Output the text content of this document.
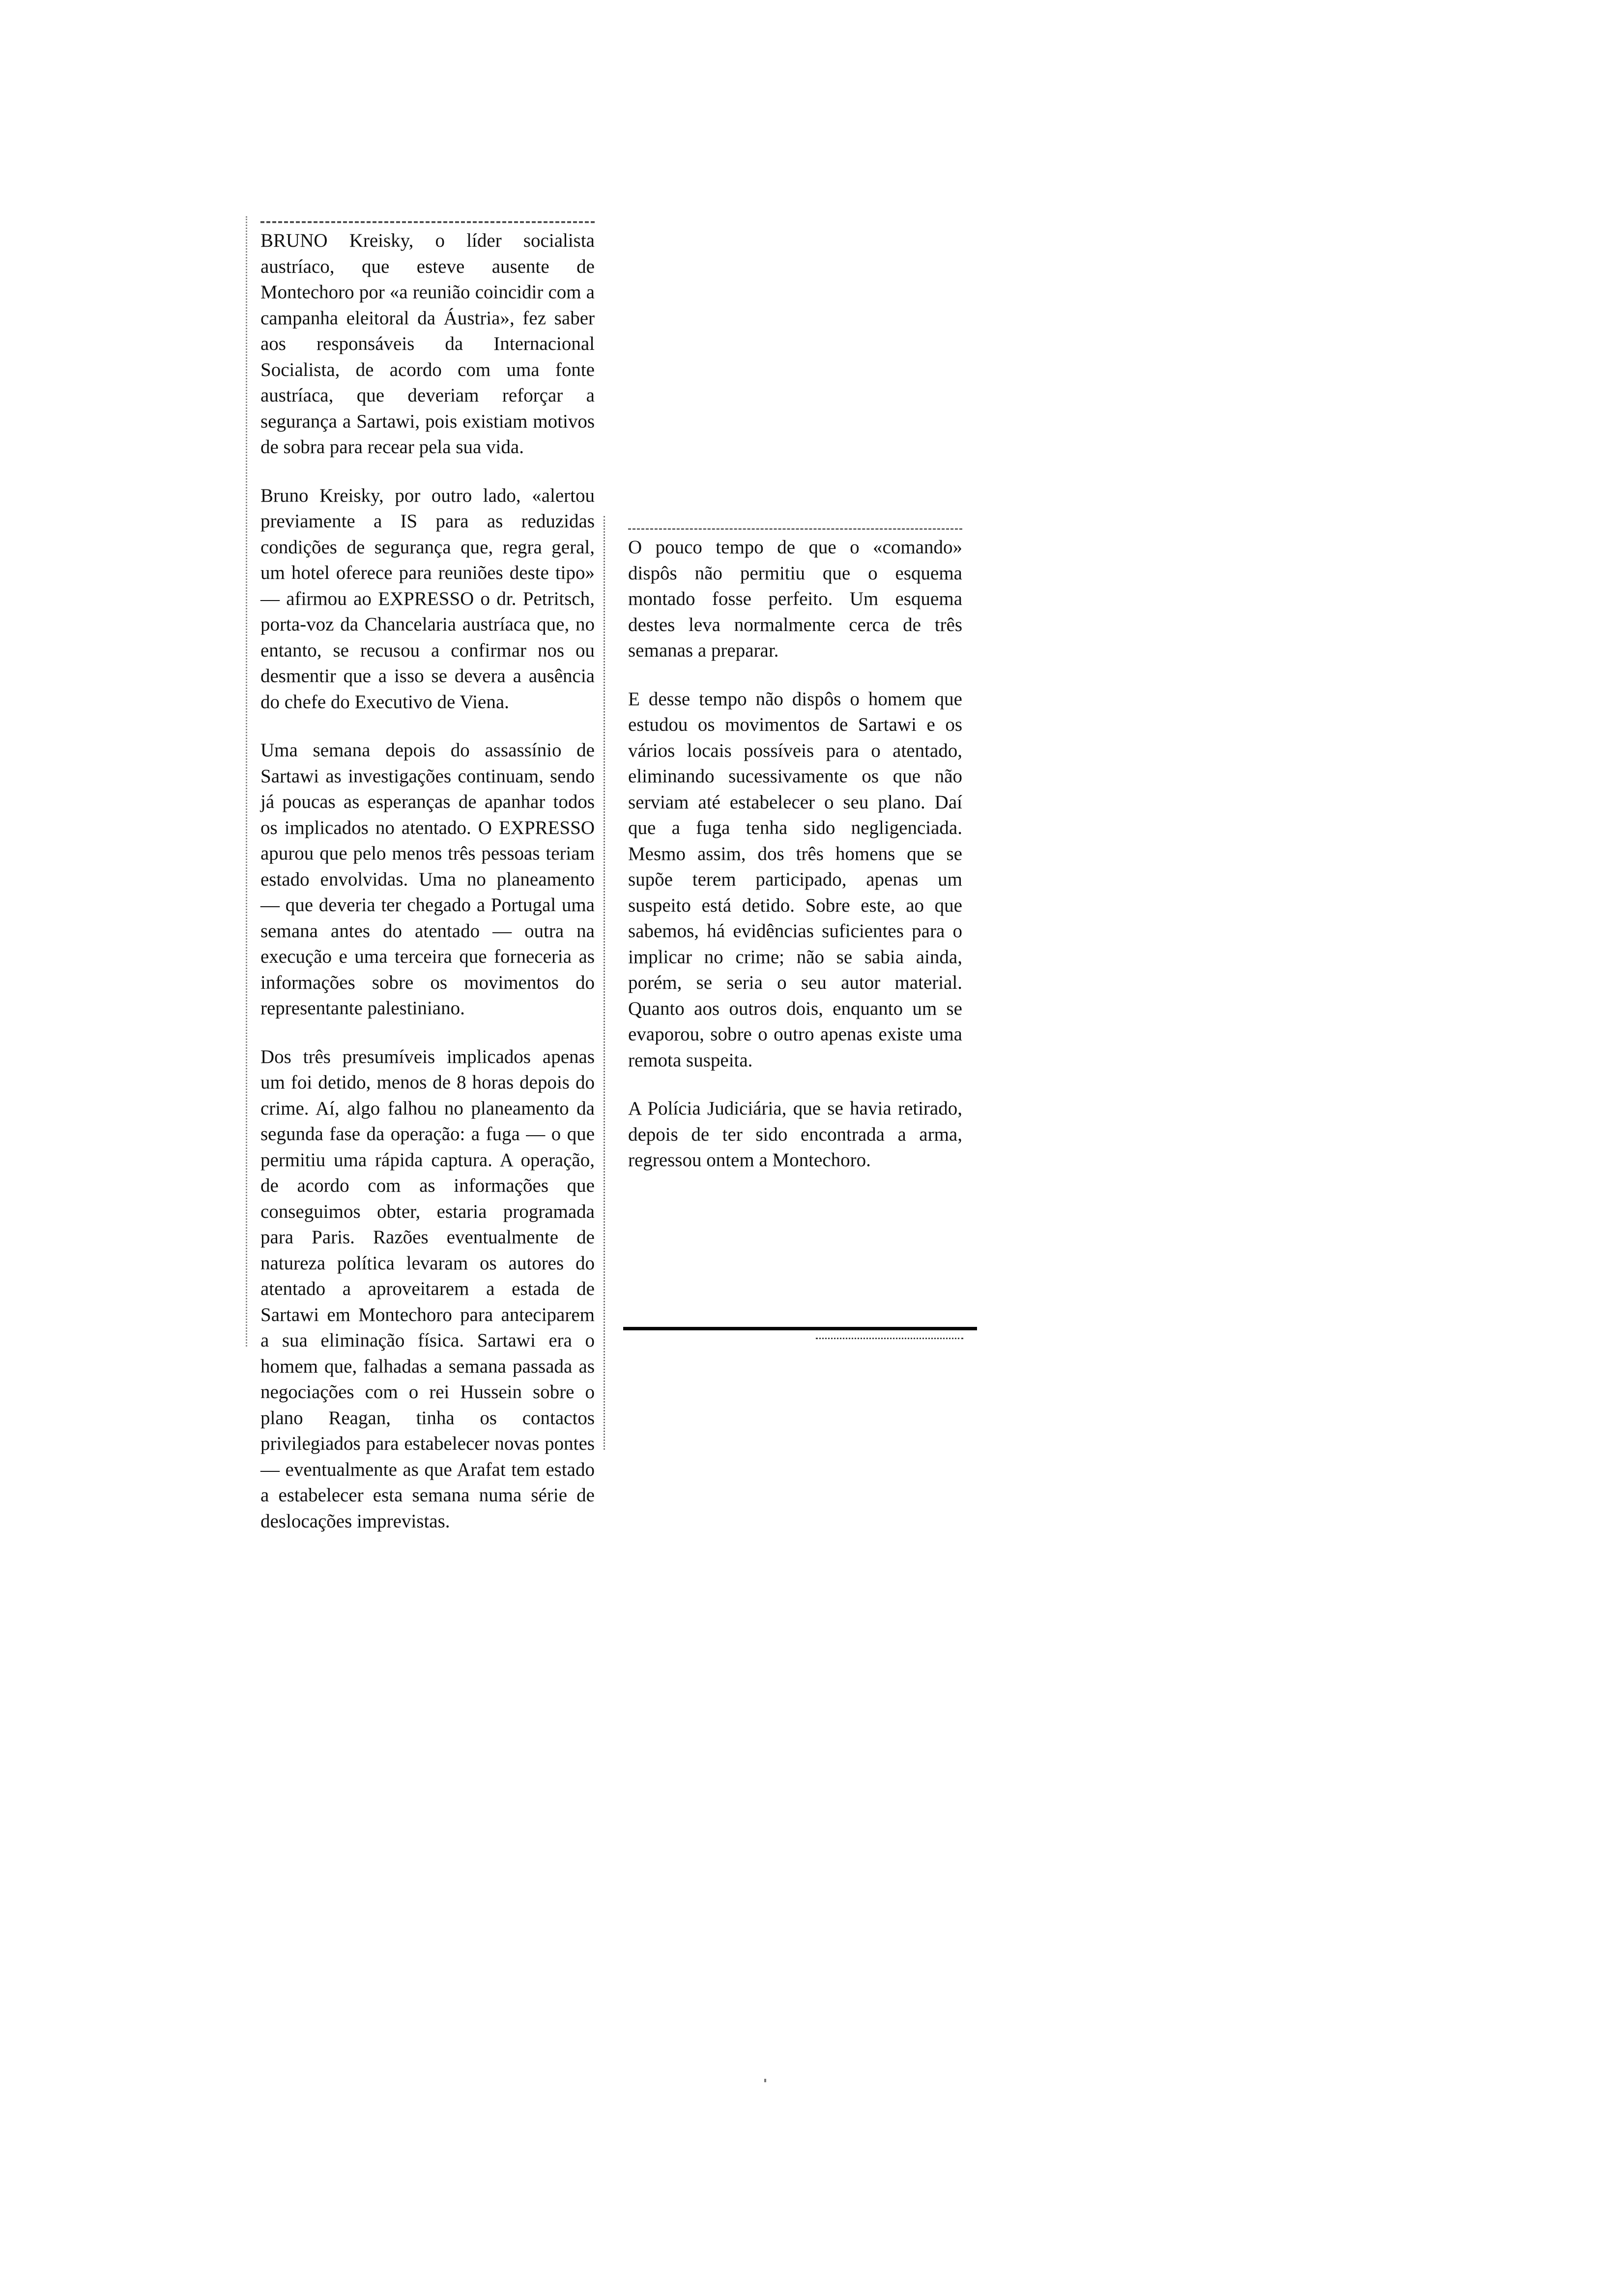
BRUNO Kreisky, o líder socialista austríaco, que esteve ausente de Montechoro por «a reunião coincidir com a campanha eleitoral da Áustria», fez saber aos responsáveis da Internacional Socialista, de acordo com uma fonte austríaca, que deveriam reforçar a segurança a Sartawi, pois existiam motivos de sobra para recear pela sua vida.

Bruno Kreisky, por outro lado, «alertou previamente a IS para as reduzidas condições de segurança que, regra geral, um hotel oferece para reuniões deste tipo» — afirmou ao EXPRESSO o dr. Petritsch, porta-voz da Chancelaria austríaca que, no entanto, se recusou a confirmar nos ou desmentir que a isso se devera a ausência do chefe do Executivo de Viena.

Uma semana depois do assassínio de Sartawi as investigações continuam, sendo já poucas as esperanças de apanhar todos os implicados no atentado. O EXPRESSO apurou que pelo menos três pessoas teriam estado envolvidas. Uma no planeamento — que deveria ter chegado a Portugal uma semana antes do atentado — outra na execução e uma terceira que forneceria as informações sobre os movimentos do representante palestiniano.

Dos três presumíveis implicados apenas um foi detido, menos de 8 horas depois do crime. Aí, algo falhou no planeamento da segunda fase da operação: a fuga — o que permitiu uma rápida captura. A operação, de acordo com as informações que conseguimos obter, estaria programada para Paris. Razões eventualmente de natureza política levaram os autores do atentado a aproveitarem a estada de Sartawi em Montechoro para anteciparem a sua eliminação física. Sartawi era o homem que, falhadas a semana passada as negociações com o rei Hussein sobre o plano Reagan, tinha os contactos privilegiados para estabelecer novas pontes — eventualmente as que Arafat tem estado a estabelecer esta semana numa série de deslocações imprevistas.

O pouco tempo de que o «comando» dispôs não permitiu que o esquema montado fosse perfeito. Um esquema destes leva normalmente cerca de três semanas a preparar.

E desse tempo não dispôs o homem que estudou os movimentos de Sartawi e os vários locais possíveis para o atentado, eliminando sucessivamente os que não serviam até estabelecer o seu plano. Daí que a fuga tenha sido negligenciada. Mesmo assim, dos três homens que se supõe terem participado, apenas um suspeito está detido. Sobre este, ao que sabemos, há evidências suficientes para o implicar no crime; não se sabia ainda, porém, se seria o seu autor material. Quanto aos outros dois, enquanto um se evaporou, sobre o outro apenas existe uma remota suspeita.

A Polícia Judiciária, que se havia retirado, depois de ter sido encontrada a arma, regressou ontem a Montechoro.
